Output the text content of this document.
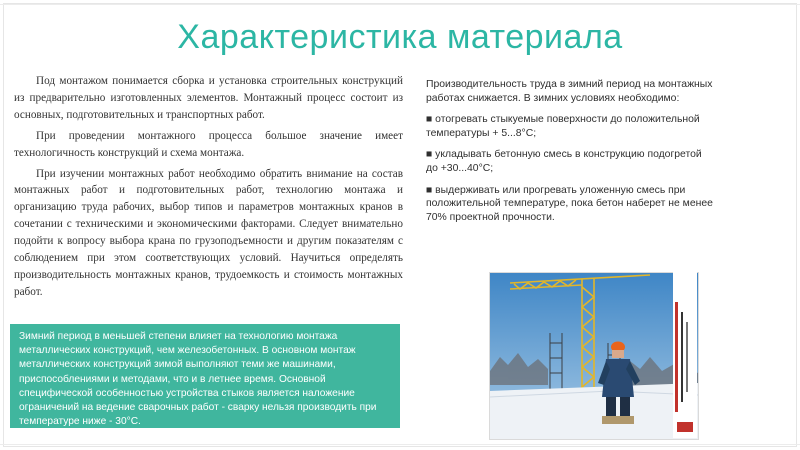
Характеристика материала

Под монтажом понимается сборка и установка строительных конструкций из предварительно изготовленных элементов. Монтажный процесс состоит из основных, подготовительных и транспортных работ.

При проведении монтажного процесса большое значение имеет технологичность конструкций и схема монтажа.

При изучении монтажных работ необходимо обратить внимание на состав монтажных работ и подготовительных работ, технологию монтажа и организацию труда рабочих, выбор типов и параметров монтажных кранов в сочетании с техническими и экономическими факторами. Следует внимательно подойти к вопросу выбора крана по грузоподъемности и другим показателям с соблюдением при этом соответствующих условий. Научиться определять производительность монтажных кранов, трудоемкость и стоимость монтажных работ.

Зимний период в меньшей степени влияет на технологию монтажа металлических конструкций, чем железобетонных. В основном монтаж металлических конструкций зимой выполняют теми же машинами, приспособлениями и методами, что и в летнее время. Основной специфической особенностью устройства стыков является наложение ограничений на ведение сварочных работ - сварку нельзя производить при температуре ниже - 30°С.

Производительность труда в зимний период на монтажных работах снижается. В зимних условиях необходимо:

■ отогревать стыкуемые поверхности до положительной температуры + 5...8°С;

■ укладывать бетонную смесь в конструкцию подогретой до +30...40°С;

■ выдерживать или прогревать уложенную смесь при положительной температуре, пока бетон наберет не менее 70% проектной прочности.
